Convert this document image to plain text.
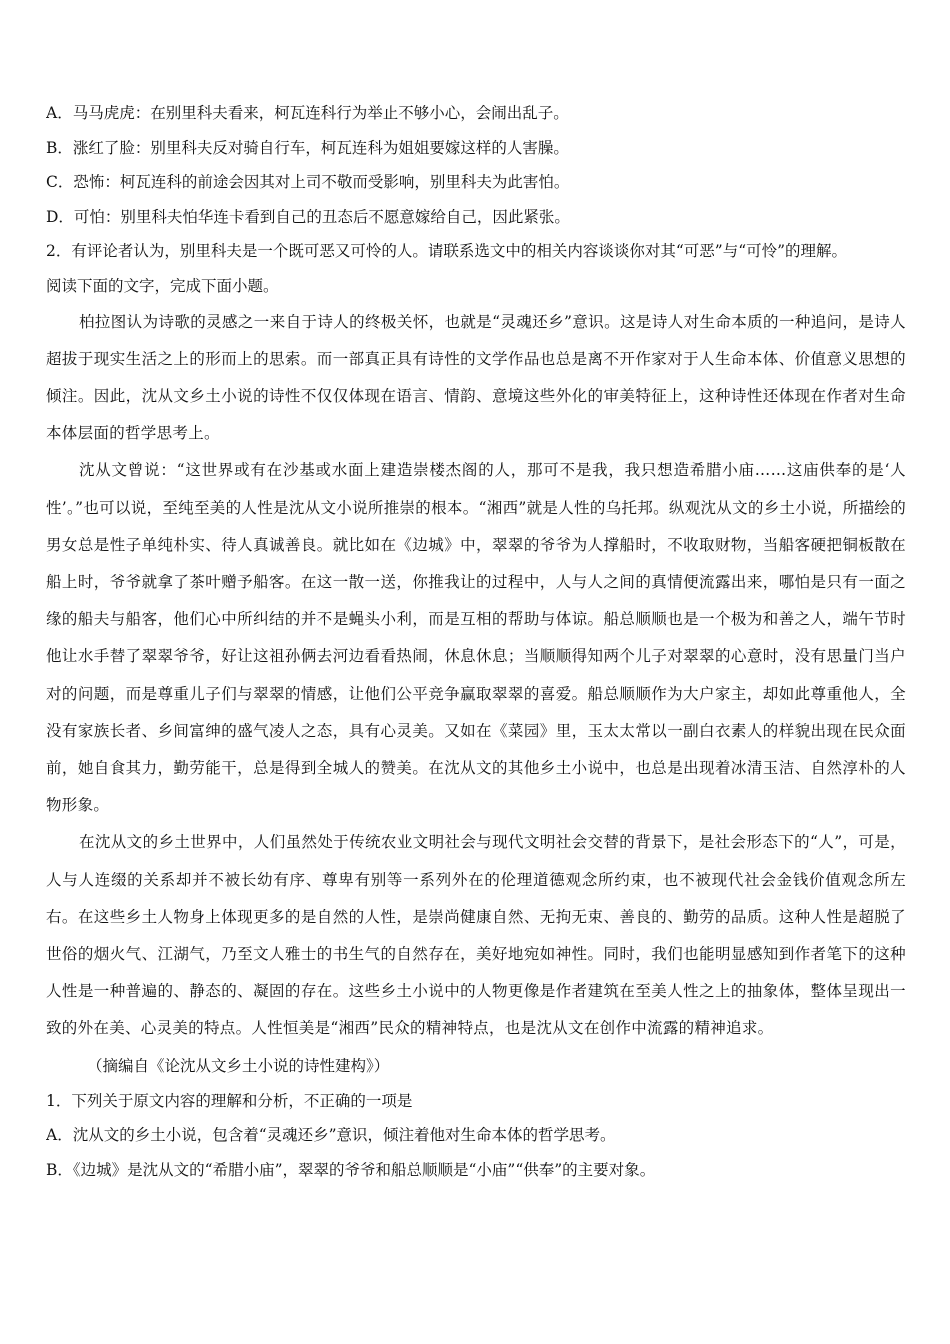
A．马马虎虎：在别里科夫看来，柯瓦连科行为举止不够小心，会闹出乱子。
B．涨红了脸：别里科夫反对骑自行车，柯瓦连科为姐姐要嫁这样的人害臊。
C．恐怖：柯瓦连科的前途会因其对上司不敬而受影响，别里科夫为此害怕。
D．可怕：别里科夫怕华连卡看到自己的丑态后不愿意嫁给自己，因此紧张。
2．有评论者认为，别里科夫是一个既可恶又可怜的人。请联系选文中的相关内容谈谈你对其“可恶”与“可怜”的理解。
阅读下面的文字，完成下面小题。
柏拉图认为诗歌的灵感之一来自于诗人的终极关怀，也就是“灵魂还乡”意识。这是诗人对生命本质的一种追问，是诗人超拔于现实生活之上的形而上的思索。而一部真正具有诗性的文学作品也总是离不开作家对于人生命本体、价值意义思想的倾注。因此，沈从文乡土小说的诗性不仅仅体现在语言、情韵、意境这些外化的审美特征上，这种诗性还体现在作者对生命本体层面的哲学思考上。
沈从文曾说：“这世界或有在沙基或水面上建造崇楼杰阁的人，那可不是我，我只想造希腊小庙……这庙供奉的是‘人性’。”也可以说，至纯至美的人性是沈从文小说所推崇的根本。“湘西”就是人性的乌托邦。纵观沈从文的乡土小说，所描绘的男女总是性子单纯朴实、待人真诚善良。就比如在《边城》中，翠翠的爷爷为人撑船时，不收取财物，当船客硬把铜板散在船上时，爷爷就拿了茶叶赠予船客。在这一散一送，你推我让的过程中，人与人之间的真情便流露出来，哪怕是只有一面之缘的船夫与船客，他们心中所纠结的并不是蝇头小利，而是互相的帮助与体谅。船总顺顺也是一个极为和善之人，端午节时他让水手替了翠翠爷爷，好让这祖孙俩去河边看看热闹，休息休息；当顺顺得知两个儿子对翠翠的心意时，没有思量门当户对的问题，而是尊重儿子们与翠翠的情感，让他们公平竞争赢取翠翠的喜爱。船总顺顺作为大户家主，却如此尊重他人，全没有家族长者、乡间富绅的盛气凌人之态，具有心灵美。又如在《菜园》里，玉太太常以一副白衣素人的样貌出现在民众面前，她自食其力，勤劳能干，总是得到全城人的赞美。在沈从文的其他乡土小说中，也总是出现着冰清玉洁、自然淳朴的人物形象。
在沈从文的乡土世界中，人们虽然处于传统农业文明社会与现代文明社会交替的背景下，是社会形态下的“人”，可是，人与人连缀的关系却并不被长幼有序、尊卑有别等一系列外在的伦理道德观念所约束，也不被现代社会金钱价值观念所左右。在这些乡土人物身上体现更多的是自然的人性，是崇尚健康自然、无拘无束、善良的、勤劳的品质。这种人性是超脱了世俗的烟火气、江湖气，乃至文人雅士的书生气的自然存在，美好地宛如神性。同时，我们也能明显感知到作者笔下的这种人性是一种普遍的、静态的、凝固的存在。这些乡土小说中的人物更像是作者建筑在至美人性之上的抽象体，整体呈现出一致的外在美、心灵美的特点。人性恒美是“湘西”民众的精神特点，也是沈从文在创作中流露的精神追求。
（摘编自《论沈从文乡土小说的诗性建构》）
1．下列关于原文内容的理解和分析，不正确的一项是
A．沈从文的乡土小说，包含着“灵魂还乡”意识，倾注着他对生命本体的哲学思考。
B．《边城》是沈从文的“希腊小庙”，翠翠的爷爷和船总顺顺是“小庙”“供奉”的主要对象。
